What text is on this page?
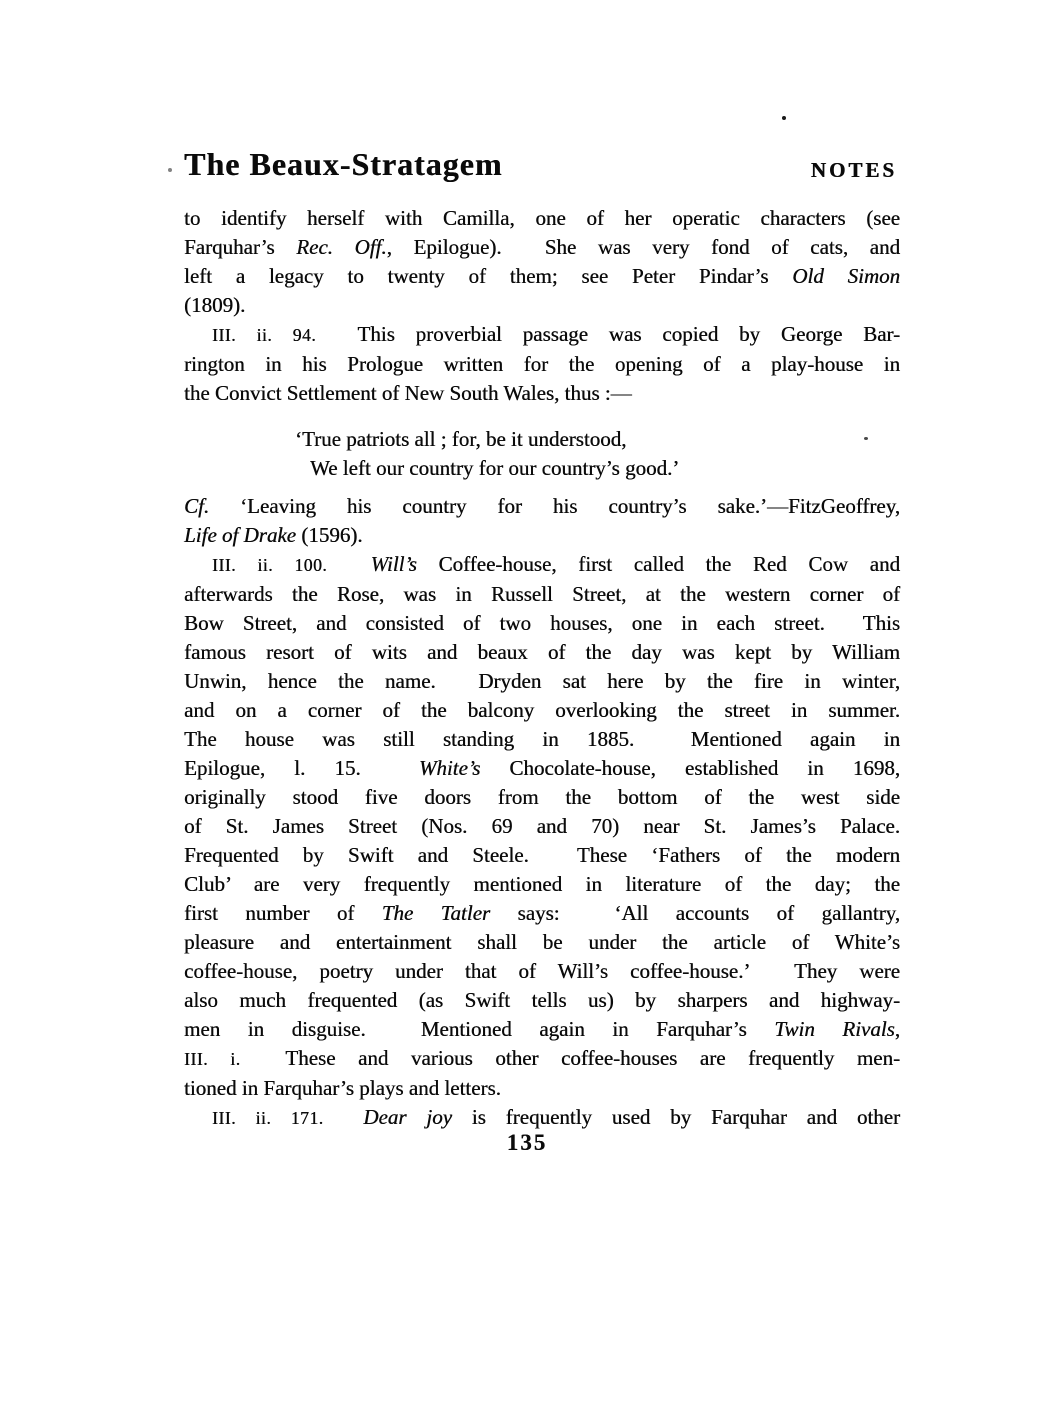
The Beaux-Stratagem	NOTES
to identify herself with Camilla, one of her operatic characters (see
Farquhar’s Rec. Off., Epilogue).  She was very fond of cats, and
left a legacy to twenty of them; see Peter Pindar’s Old Simon
(1809).
III. ii. 94.  This proverbial passage was copied by George Bar-
rington in his Prologue written for the opening of a play-house in
the Convict Settlement of New South Wales, thus :—
‘True patriots all ; for, be it understood,
We left our country for our country’s good.’
Cf. ‘Leaving his country for his country’s sake.’—FitzGeoffrey,
Life of Drake (1596).
III. ii. 100. Will’s Coffee-house, first called the Red Cow and
afterwards the Rose, was in Russell Street, at the western corner of
Bow Street, and consisted of two houses, one in each street.  This
famous resort of wits and beaux of the day was kept by William
Unwin, hence the name.  Dryden sat here by the fire in winter,
and on a corner of the balcony overlooking the street in summer.
The house was still standing in 1885.  Mentioned again in
Epilogue, l. 15.  White’s Chocolate-house, established in 1698,
originally stood five doors from the bottom of the west side
of St. James Street (Nos. 69 and 70) near St. James’s Palace.
Frequented by Swift and Steele.  These ‘Fathers of the modern
Club’ are very frequently mentioned in literature of the day; the
first number of The Tatler says:  ‘All accounts of gallantry,
pleasure and entertainment shall be under the article of White’s
coffee-house, poetry under that of Will’s coffee-house.’  They were
also much frequented (as Swift tells us) by sharpers and highway-
men in disguise.  Mentioned again in Farquhar’s Twin Rivals,
III. i.  These and various other coffee-houses are frequently men-
tioned in Farquhar’s plays and letters.
III. ii. 171. Dear joy is frequently used by Farquhar and other
135
